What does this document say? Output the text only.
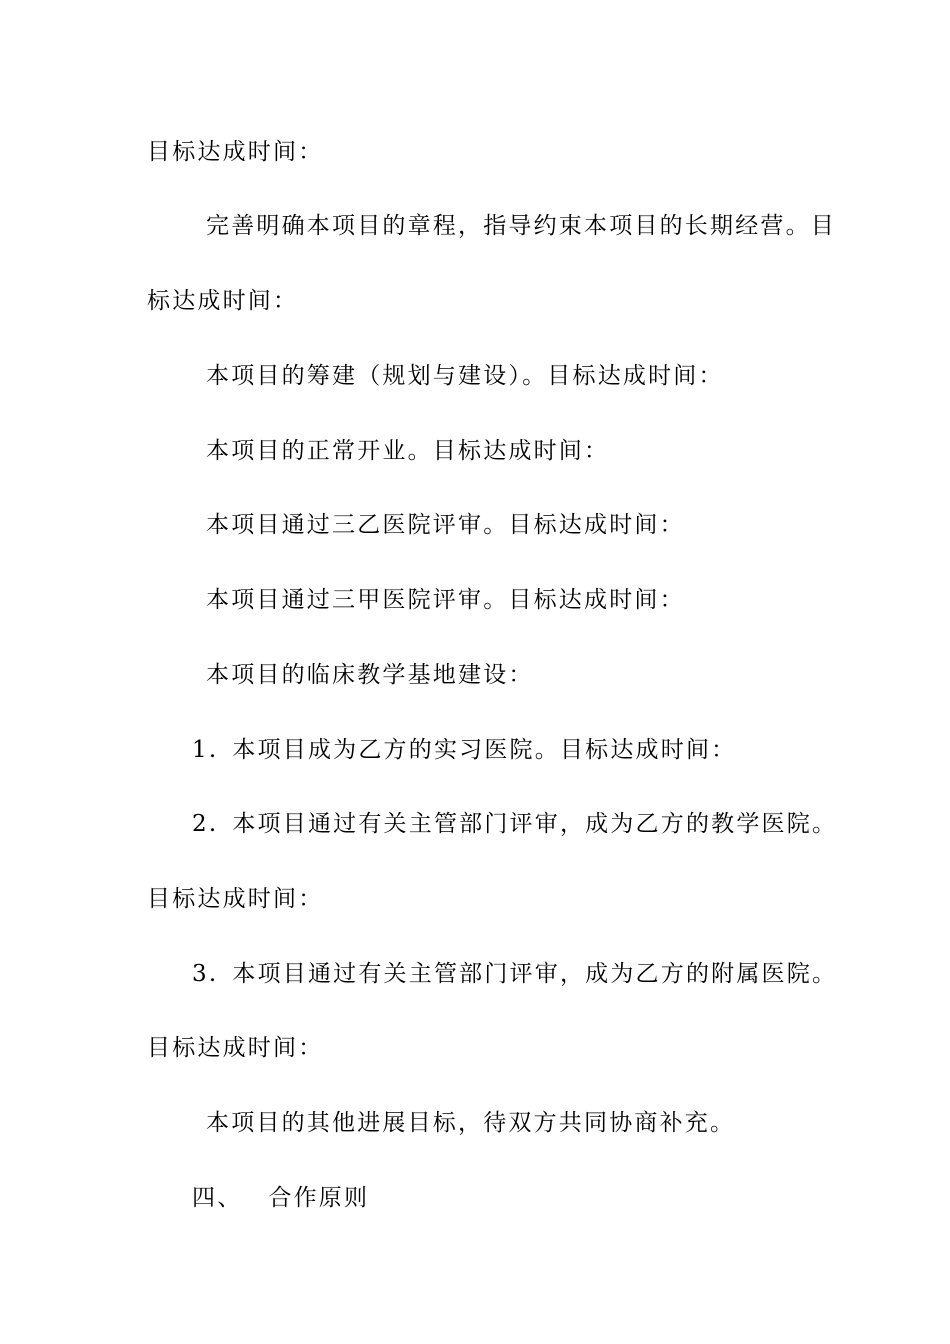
目标达成时间：
完善明确本项目的章程，指导约束本项目的长期经营。目
标达成时间：
本项目的筹建（规划与建设）。目标达成时间：
本项目的正常开业。目标达成时间：
本项目通过三乙医院评审。目标达成时间：
本项目通过三甲医院评审。目标达成时间：
本项目的临床教学基地建设：
1. 本项目成为乙方的实习医院。目标达成时间：
2. 本项目通过有关主管部门评审，成为乙方的教学医院。
目标达成时间：
3. 本项目通过有关主管部门评审，成为乙方的附属医院。
目标达成时间：
本项目的其他进展目标，待双方共同协商补充。
四、 合作原则
